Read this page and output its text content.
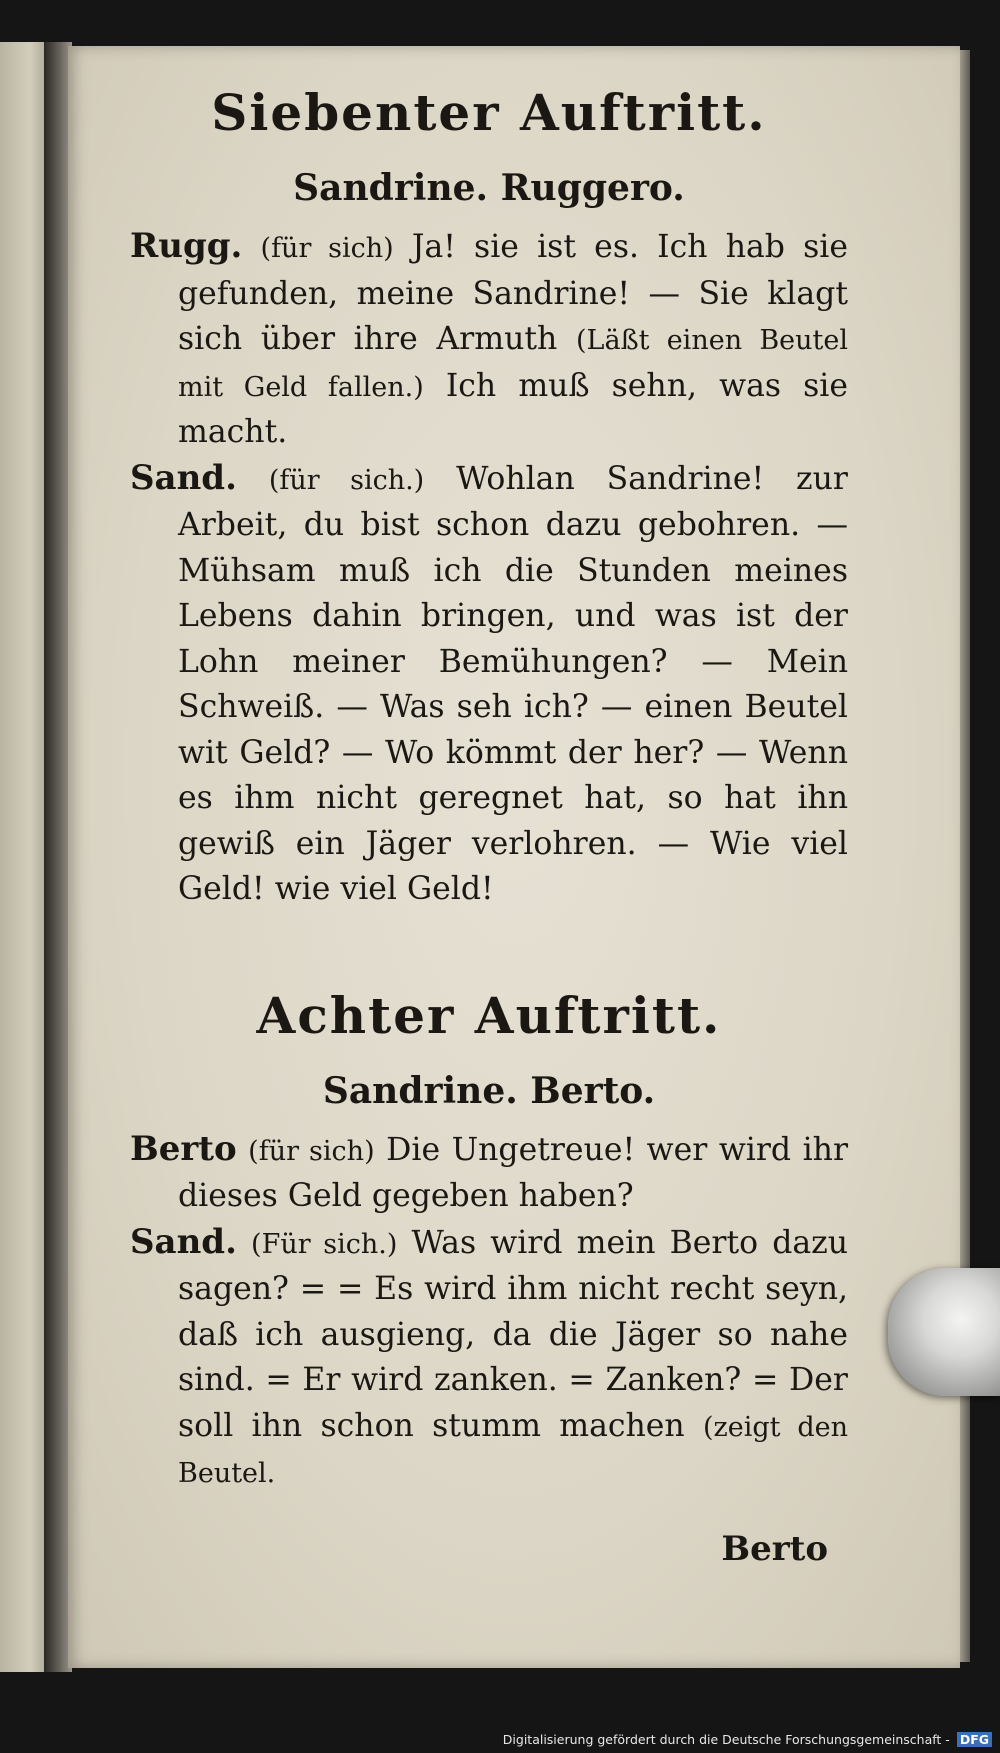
Siebenter Auftritt.
Sandrine. Ruggero.

Rugg. (für sich) Ja! sie ist es. Ich hab sie gefunden, meine Sandrine! — Sie klagt sich über ihre Armuth (Läßt einen Beutel mit Geld fallen.) Ich muß sehn, was sie macht.

Sand. (für sich.) Wohlan Sandrine! zur Arbeit, du bist schon dazu gebohren. — Mühsam muß ich die Stunden meines Lebens dahin bringen, und was ist der Lohn meiner Bemühungen? — Mein Schweiß. — Was seh ich? — einen Beutel wit Geld? — Wo kömmt der her? — Wenn es ihm nicht geregnet hat, so hat ihn gewiß ein Jäger verlohren. — Wie viel Geld! wie viel Geld!

Achter Auftritt.
Sandrine. Berto.

Berto (für sich) Die Ungetreue! wer wird ihr dieses Geld gegeben haben?

Sand. (Für sich.) Was wird mein Berto dazu sagen? = = Es wird ihm nicht recht seyn, daß ich ausgieng, da die Jäger so nahe sind. = Er wird zanken. = Zanken? = Der soll ihn schon stumm machen (zeigt den Beutel.

Berto
Digitalisierung gefördert durch die Deutsche Forschungsgemeinschaft - DFG
